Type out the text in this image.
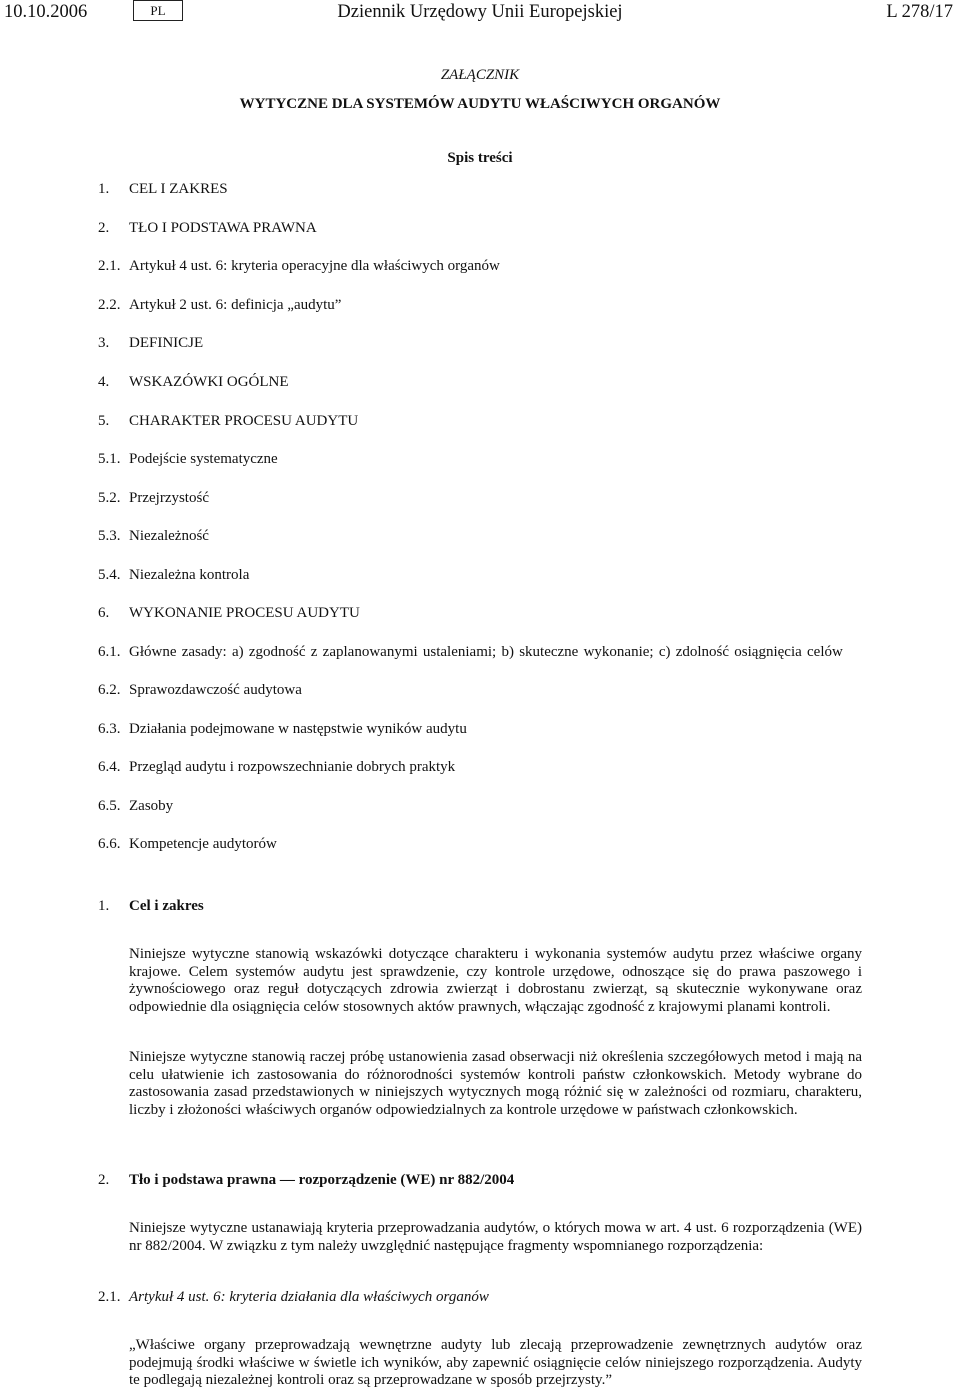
10.10.2006	PL	Dziennik Urzędowy Unii Europejskiej	L 278/17
ZAŁĄCZNIK
WYTYCZNE DLA SYSTEMÓW AUDYTU WŁAŚCIWYCH ORGANÓW
Spis treści
1. CEL I ZAKRES
2. TŁO I PODSTAWA PRAWNA
2.1. Artykuł 4 ust. 6: kryteria operacyjne dla właściwych organów
2.2. Artykuł 2 ust. 6: definicja „audytu”
3. DEFINICJE
4. WSKAZÓWKI OGÓLNE
5. CHARAKTER PROCESU AUDYTU
5.1. Podejście systematyczne
5.2. Przejrzystość
5.3. Niezależność
5.4. Niezależna kontrola
6. WYKONANIE PROCESU AUDYTU
6.1. Główne zasady: a) zgodność z zaplanowanymi ustaleniami; b) skuteczne wykonanie; c) zdolność osiągnięcia celów
6.2. Sprawozdawczość audytowa
6.3. Działania podejmowane w następstwie wyników audytu
6.4. Przegląd audytu i rozpowszechnianie dobrych praktyk
6.5. Zasoby
6.6. Kompetencje audytorów
1. Cel i zakres
Niniejsze wytyczne stanowią wskazówki dotyczące charakteru i wykonania systemów audytu przez właściwe organy krajowe. Celem systemów audytu jest sprawdzenie, czy kontrole urzędowe, odnoszące się do prawa paszowego i żywnościowego oraz reguł dotyczących zdrowia zwierząt i dobrostanu zwierząt, są skutecznie wykonywane oraz odpowiednie dla osiągnięcia celów stosownych aktów prawnych, włączając zgodność z krajowymi planami kontroli.
Niniejsze wytyczne stanowią raczej próbę ustanowienia zasad obserwacji niż określenia szczegółowych metod i mają na celu ułatwienie ich zastosowania do różnorodności systemów kontroli państw członkowskich. Metody wybrane do zastosowania zasad przedstawionych w niniejszych wytycznych mogą różnić się w zależności od rozmiaru, charakteru, liczby i złożoności właściwych organów odpowiedzialnych za kontrole urzędowe w państwach członkowskich.
2. Tło i podstawa prawna — rozporządzenie (WE) nr 882/2004
Niniejsze wytyczne ustanawiają kryteria przeprowadzania audytów, o których mowa w art. 4 ust. 6 rozporządzenia (WE) nr 882/2004. W związku z tym należy uwzględnić następujące fragmenty wspomnianego rozporządzenia:
2.1. Artykuł 4 ust. 6: kryteria działania dla właściwych organów
„Właściwe organy przeprowadzają wewnętrzne audyty lub zlecają przeprowadzenie zewnętrznych audytów oraz podejmują środki właściwe w świetle ich wyników, aby zapewnić osiągnięcie celów niniejszego rozporządzenia. Audyty te podlegają niezależnej kontroli oraz są przeprowadzane w sposób przejrzysty.”
